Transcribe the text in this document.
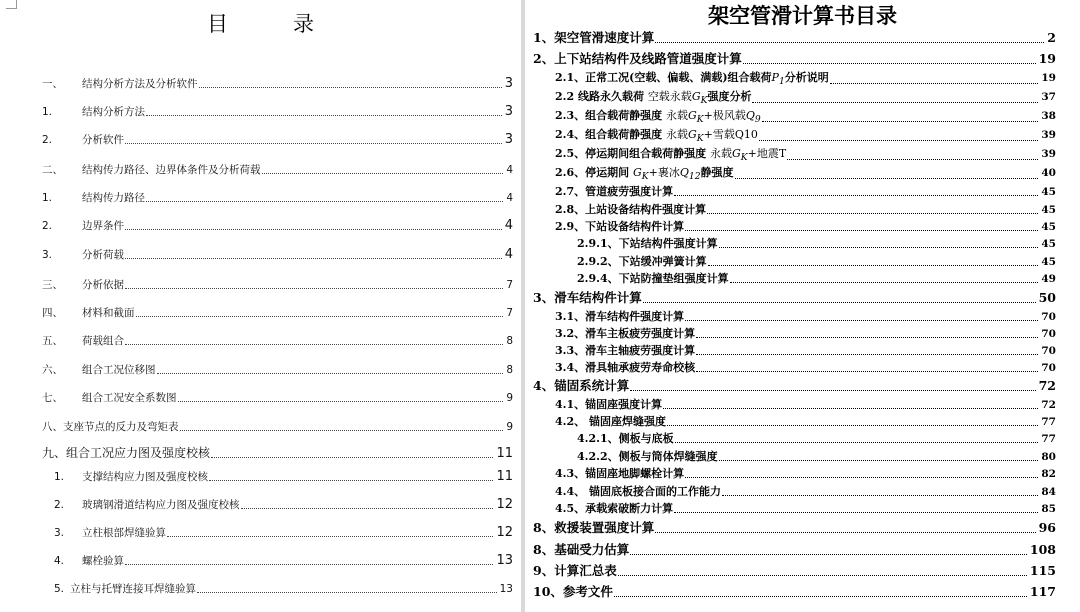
目　录
一、	结构分析方法及分析软件	3
1.	结构分析方法	3
2.	分析软件	3
二、	结构传力路径、边界体条件及分析荷载	4
1.	结构传力路径	4
2.	边界条件	4
3.	分析荷载	4
三、	分析依据	7
四、	材料和截面	7
五、	荷载组合	8
六、	组合工况位移图	8
七、	组合工况安全系数图	9
八、 支座节点的反力及弯矩表	9
九、 组合工况应力图及强度校核	11
1.	支撑结构应力图及强度校核	11
2.	玻璃钢滑道结构应力图及强度校核	12
3.	立柱根部焊缝验算	12
4.	螺栓验算	13
5. 立柱与托臂连接耳焊缝验算	13
架空管滑计算书目录
1、架空管滑速度计算	2
2、上下站结构件及线路管道强度计算	19
2.1、正常工况(空载、偏载、满载)组合载荷$P_1$分析说明	19
2.2 线路永久载荷 空载永载$G_K$强度分析	37
2.3、组合载荷静强度 永载$G_K+$极风载$Q_9$	38
2.4、组合载荷静强度 永载$G_K+$雪载Q10	39
2.5、停运期间组合载荷静强度 永载$G_K+$地震T	39
2.6、停运期间 $G_K+$裹冰$Q_{12}$静强度	40
2.7、管道疲劳强度计算	45
2.8、上站设备结构件强度计算	45
2.9、下站设备结构件计算	45
2.9.1、下站结构件强度计算	45
2.9.2、下站缓冲弹簧计算	45
2.9.4、下站防撞垫组强度计算	49
3、滑车结构件计算	50
3.1、滑车结构件强度计算	70
3.2、滑车主板疲劳强度计算	70
3.3、滑车主轴疲劳强度计算	70
3.4、滑具轴承疲劳寿命校核	70
4、锚固系统计算	72
4.1、锚固座强度计算	72
4.2、 锚固座焊缝强度	77
4.2.1、侧板与底板	77
4.2.2、侧板与筒体焊缝强度	80
4.3、锚固座地脚螺栓计算	82
4.4、 锚固底板接合面的工作能力	84
4.5、承载索破断力计算	85
8、救援装置强度计算	96
8、基础受力估算	108
9、计算汇总表	115
10、参考文件	117
